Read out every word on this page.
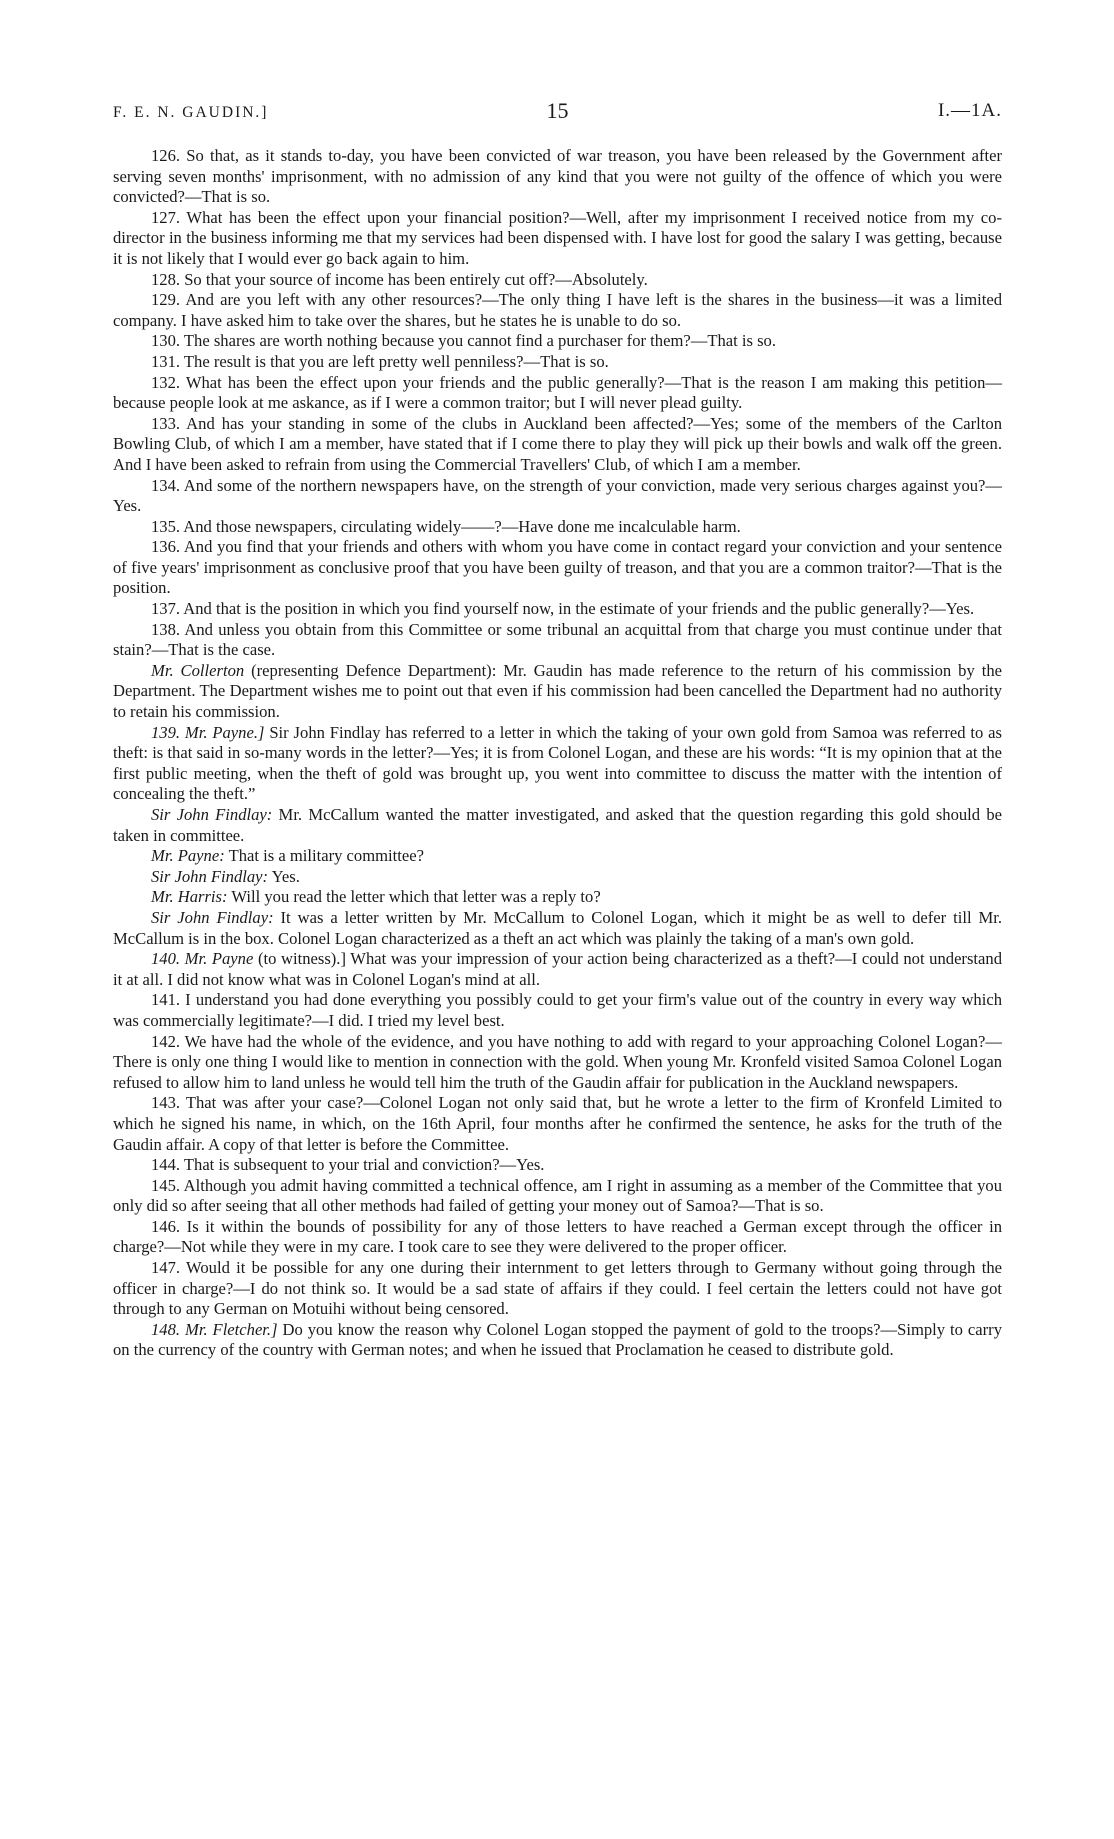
F. E. N. GAUDIN.]	15	I.—1A.

126. So that, as it stands to-day, you have been convicted of war treason, you have been released by the Government after serving seven months' imprisonment, with no admission of any kind that you were not guilty of the offence of which you were convicted?—That is so.

127. What has been the effect upon your financial position?—Well, after my imprisonment I received notice from my co-director in the business informing me that my services had been dispensed with. I have lost for good the salary I was getting, because it is not likely that I would ever go back again to him.

128. So that your source of income has been entirely cut off?—Absolutely.

129. And are you left with any other resources?—The only thing I have left is the shares in the business—it was a limited company. I have asked him to take over the shares, but he states he is unable to do so.

130. The shares are worth nothing because you cannot find a purchaser for them?—That is so.

131. The result is that you are left pretty well penniless?—That is so.

132. What has been the effect upon your friends and the public generally?—That is the reason I am making this petition—because people look at me askance, as if I were a common traitor; but I will never plead guilty.

133. And has your standing in some of the clubs in Auckland been affected?—Yes; some of the members of the Carlton Bowling Club, of which I am a member, have stated that if I come there to play they will pick up their bowls and walk off the green. And I have been asked to refrain from using the Commercial Travellers' Club, of which I am a member.

134. And some of the northern newspapers have, on the strength of your conviction, made very serious charges against you?—Yes.

135. And those newspapers, circulating widely——?—Have done me incalculable harm.

136. And you find that your friends and others with whom you have come in contact regard your conviction and your sentence of five years' imprisonment as conclusive proof that you have been guilty of treason, and that you are a common traitor?—That is the position.

137. And that is the position in which you find yourself now, in the estimate of your friends and the public generally?—Yes.

138. And unless you obtain from this Committee or some tribunal an acquittal from that charge you must continue under that stain?—That is the case.

Mr. Collerton (representing Defence Department): Mr. Gaudin has made reference to the return of his commission by the Department. The Department wishes me to point out that even if his commission had been cancelled the Department had no authority to retain his commission.

139. Mr. Payne.] Sir John Findlay has referred to a letter in which the taking of your own gold from Samoa was referred to as theft: is that said in so-many words in the letter?—Yes; it is from Colonel Logan, and these are his words: “It is my opinion that at the first public meeting, when the theft of gold was brought up, you went into committee to discuss the matter with the intention of concealing the theft.”

Sir John Findlay: Mr. McCallum wanted the matter investigated, and asked that the question regarding this gold should be taken in committee.

Mr. Payne: That is a military committee?

Sir John Findlay: Yes.

Mr. Harris: Will you read the letter which that letter was a reply to?

Sir John Findlay: It was a letter written by Mr. McCallum to Colonel Logan, which it might be as well to defer till Mr. McCallum is in the box. Colonel Logan characterized as a theft an act which was plainly the taking of a man's own gold.

140. Mr. Payne (to witness).] What was your impression of your action being characterized as a theft?—I could not understand it at all. I did not know what was in Colonel Logan's mind at all.

141. I understand you had done everything you possibly could to get your firm's value out of the country in every way which was commercially legitimate?—I did. I tried my level best.

142. We have had the whole of the evidence, and you have nothing to add with regard to your approaching Colonel Logan?—There is only one thing I would like to mention in connection with the gold. When young Mr. Kronfeld visited Samoa Colonel Logan refused to allow him to land unless he would tell him the truth of the Gaudin affair for publication in the Auckland newspapers.

143. That was after your case?—Colonel Logan not only said that, but he wrote a letter to the firm of Kronfeld Limited to which he signed his name, in which, on the 16th April, four months after he confirmed the sentence, he asks for the truth of the Gaudin affair. A copy of that letter is before the Committee.

144. That is subsequent to your trial and conviction?—Yes.

145. Although you admit having committed a technical offence, am I right in assuming as a member of the Committee that you only did so after seeing that all other methods had failed of getting your money out of Samoa?—That is so.

146. Is it within the bounds of possibility for any of those letters to have reached a German except through the officer in charge?—Not while they were in my care. I took care to see they were delivered to the proper officer.

147. Would it be possible for any one during their internment to get letters through to Germany without going through the officer in charge?—I do not think so. It would be a sad state of affairs if they could. I feel certain the letters could not have got through to any German on Motuihi without being censored.

148. Mr. Fletcher.] Do you know the reason why Colonel Logan stopped the payment of gold to the troops?—Simply to carry on the currency of the country with German notes; and when he issued that Proclamation he ceased to distribute gold.
